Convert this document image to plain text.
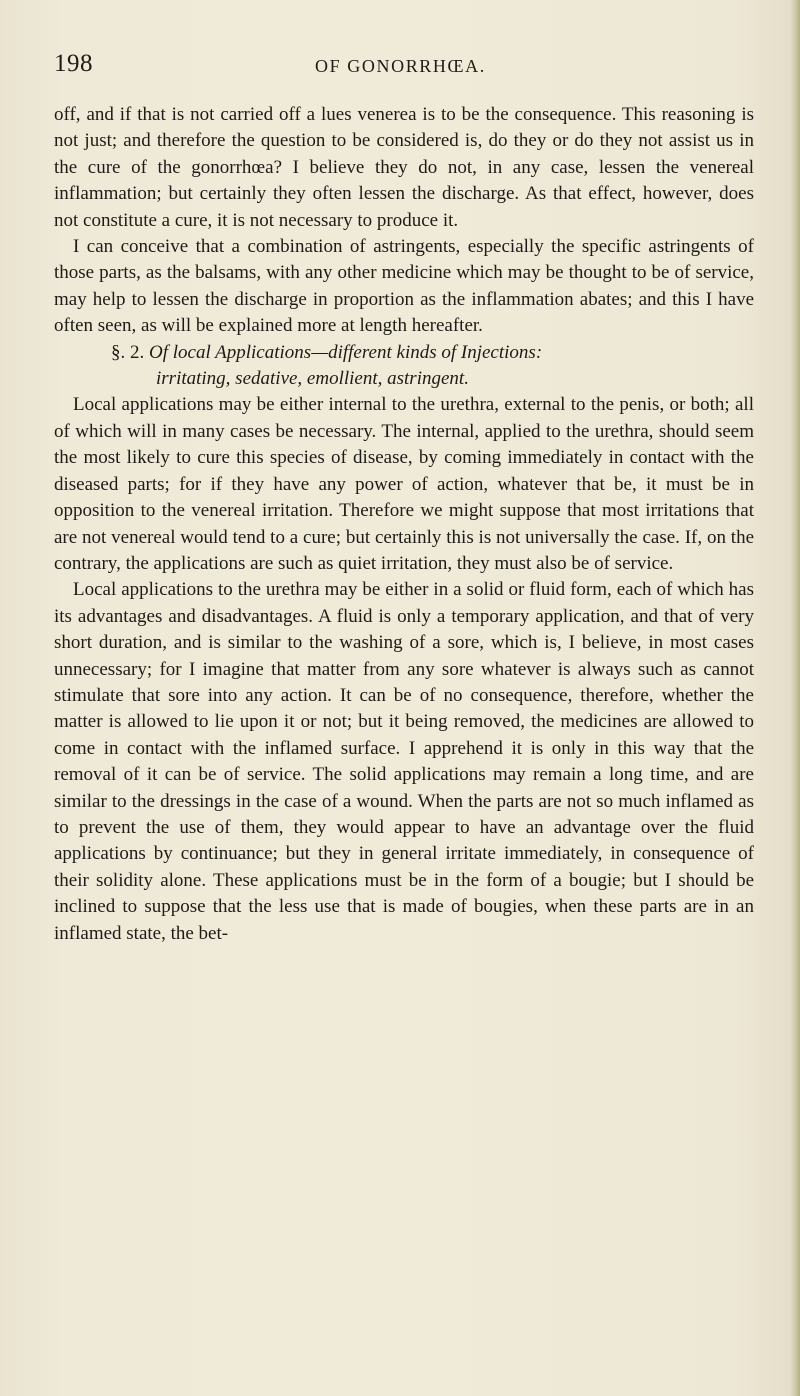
198	OF GONORRHŒA.

off, and if that is not carried off a lues venerea is to be the consequence. This reasoning is not just; and therefore the question to be considered is, do they or do they not assist us in the cure of the gonorrhœa? I believe they do not, in any case, lessen the venereal inflammation; but certainly they often lessen the discharge. As that effect, however, does not constitute a cure, it is not necessary to produce it.

I can conceive that a combination of astringents, especially the specific astringents of those parts, as the balsams, with any other medicine which may be thought to be of service, may help to lessen the discharge in proportion as the inflammation abates; and this I have often seen, as will be explained more at length hereafter.

§. 2. Of local Applications—different kinds of Injections:
irritating, sedative, emollient, astringent.

Local applications may be either internal to the urethra, external to the penis, or both; all of which will in many cases be necessary. The internal, applied to the urethra, should seem the most likely to cure this species of disease, by coming immediately in contact with the diseased parts; for if they have any power of action, whatever that be, it must be in opposition to the venereal irritation. Therefore we might suppose that most irritations that are not venereal would tend to a cure; but certainly this is not universally the case. If, on the contrary, the applications are such as quiet irritation, they must also be of service.

Local applications to the urethra may be either in a solid or fluid form, each of which has its advantages and disadvantages. A fluid is only a temporary application, and that of very short duration, and is similar to the washing of a sore, which is, I believe, in most cases unnecessary; for I imagine that matter from any sore whatever is always such as cannot stimulate that sore into any action. It can be of no consequence, therefore, whether the matter is allowed to lie upon it or not; but it being removed, the medicines are allowed to come in contact with the inflamed surface. I apprehend it is only in this way that the removal of it can be of service. The solid applications may remain a long time, and are similar to the dressings in the case of a wound. When the parts are not so much inflamed as to prevent the use of them, they would appear to have an advantage over the fluid applications by continuance; but they in general irritate immediately, in consequence of their solidity alone. These applications must be in the form of a bougie; but I should be inclined to suppose that the less use that is made of bougies, when these parts are in an inflamed state, the bet-
